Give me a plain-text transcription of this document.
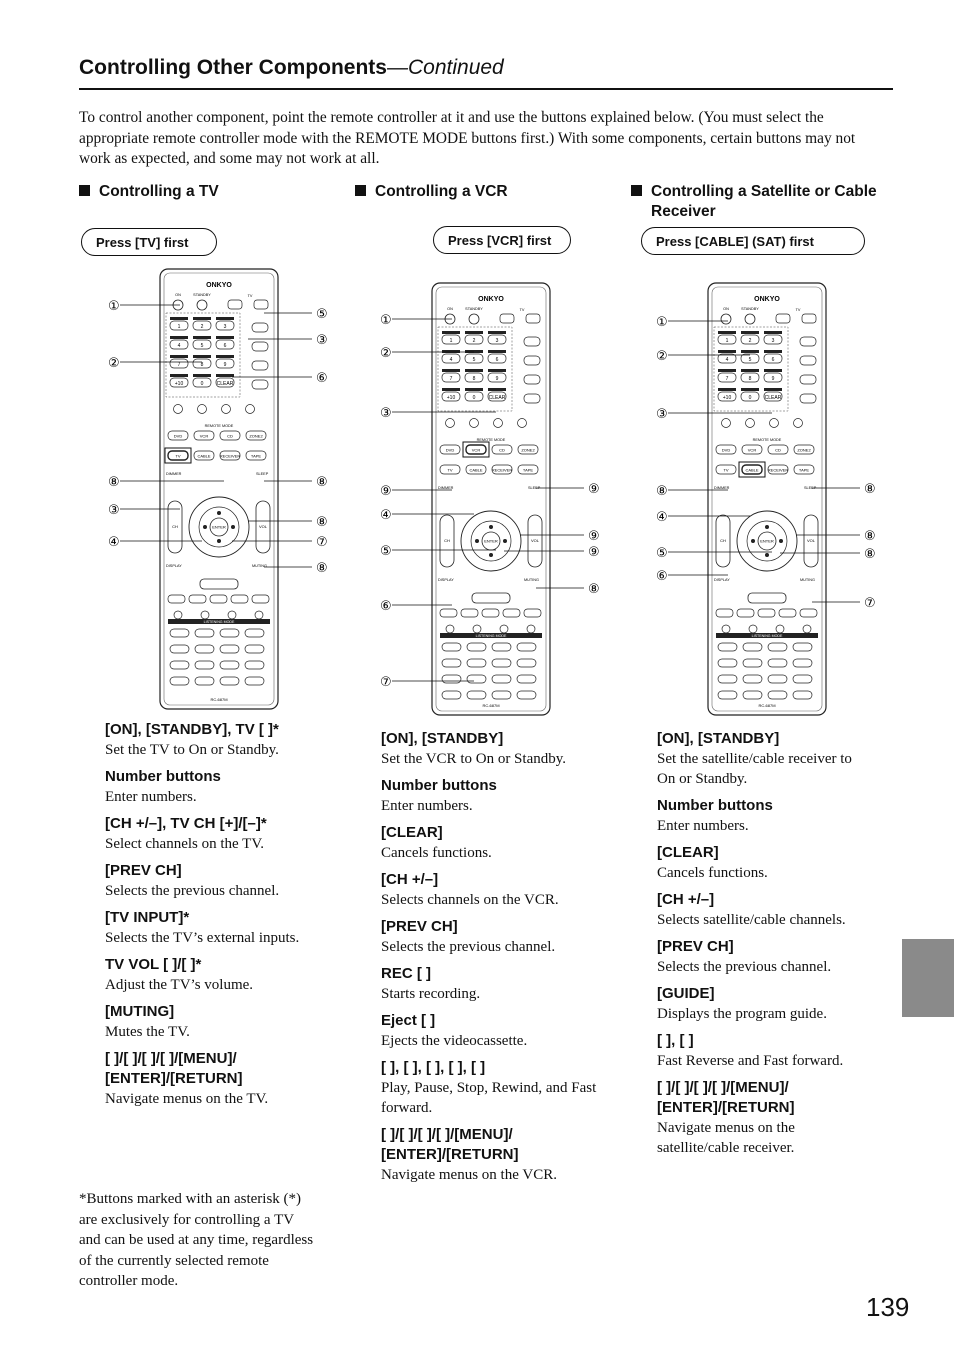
Controlling Other Components—Continued

To control another component, point the remote controller at it and use the buttons explained below. (You must select the appropriate remote controller mode with the REMOTE MODE buttons first.) With some components, certain buttons may not work as expected, and some may not work at all.

Controlling a TV	Controlling a VCR	Controlling a Satellite or Cable Receiver
Press [TV] first	Press [VCR] first	Press [CABLE] (SAT) first
ONKYO
ON	STANDBY	TV
1	2	3
4	5	6
7	8	9
+10	0	CLEAR
REMOTE MODE
DVD	VCR	CD	ZONE2
TV	CABLE RECEIVER	TAPE
DIMMER	SLEEP
ENTER
CH	VOL
DISPLAY	MUTING
LISTENING MODE
RC-687M
①
②
⑧
③
④
⑤
③
⑥
⑧
⑧
⑦
⑧
ONKYO
ON	STANDBY	TV
1	2	3
4	5	6
7	8	9
+10	0	CLEAR
REMOTE MODE
DVD	VCR	CD	ZONE2
TV	CABLE RECEIVER	TAPE
DIMMER	SLEEP
ENTER
CH	VOL
DISPLAY	MUTING
LISTENING MODE
RC-687M
①
②
③
⑨
④
⑤
⑥
⑦
⑨
⑨
⑨
⑧
ONKYO
ON	STANDBY	TV
1	2	3
4	5	6
7	8	9
+10	0	CLEAR
REMOTE MODE
DVD	VCR	CD	ZONE2
TV	CABLE RECEIVER	TAPE
DIMMER	SLEEP
ENTER
CH	VOL
DISPLAY	MUTING
LISTENING MODE
RC-687M
①
②
③
⑧
④
⑤
⑥
⑧
⑧
⑧
⑦

[ON], [STANDBY], TV [ ]*

Set the TV to On or Standby.

Number buttons

Enter numbers.

[CH +/–], TV CH [+]/[–]*

Select channels on the TV.

[PREV CH]

Selects the previous channel.

[TV INPUT]*

Selects the TV’s external inputs.

TV VOL [ ]/[ ]*

Adjust the TV’s volume.

[MUTING]

Mutes the TV.

[ ]/[ ]/[ ]/[ ]/[MENU]/ [ENTER]/[RETURN]

Navigate menus on the TV.

[ON], [STANDBY]

Set the VCR to On or Standby.

Number buttons

Enter numbers.

[CLEAR]

Cancels functions.

[CH +/–]

Selects channels on the VCR.

[PREV CH]

Selects the previous channel.

REC [ ]

Starts recording.

Eject [ ]

Ejects the videocassette.

[ ], [ ], [ ], [ ], [ ]

Play, Pause, Stop, Rewind, and Fast forward.

[ ]/[ ]/[ ]/[ ]/[MENU]/ [ENTER]/[RETURN]

Navigate menus on the VCR.

[ON], [STANDBY]

Set the satellite/cable receiver to On or Standby.

Number buttons

Enter numbers.

[CLEAR]

Cancels functions.

[CH +/–]

Selects satellite/cable channels.

[PREV CH]

Selects the previous channel.

[GUIDE]

Displays the program guide.

[ ], [ ]

Fast Reverse and Fast forward.

[ ]/[ ]/[ ]/[ ]/[MENU]/ [ENTER]/[RETURN]

Navigate menus on the satellite/cable receiver.

*Buttons marked with an asterisk (*) are exclusively for controlling a TV and can be used at any time, regardless of the currently selected remote controller mode.

139
